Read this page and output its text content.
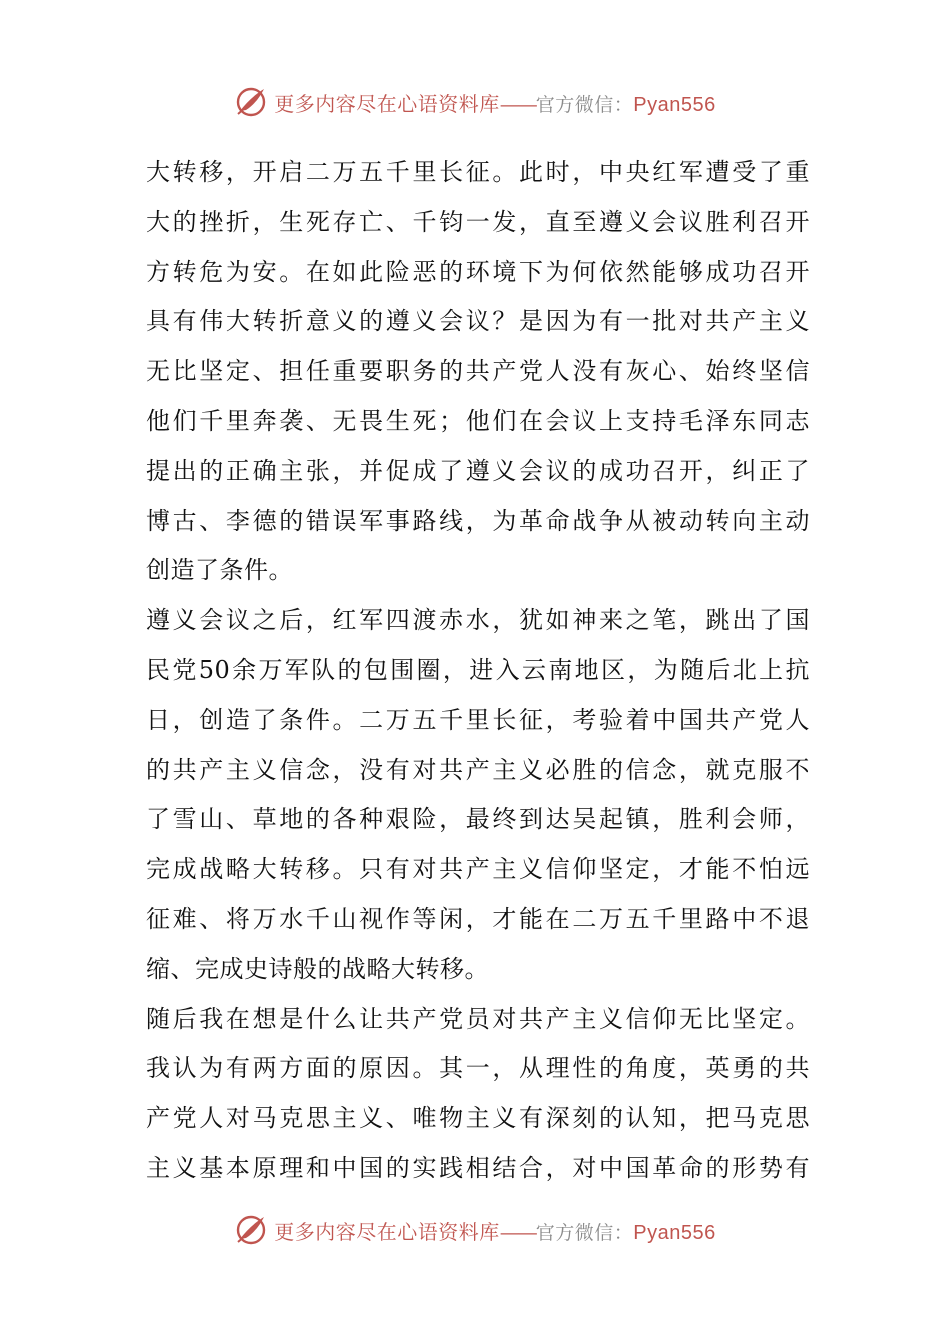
更多内容尽在心语资料库——官方微信：Pyan556
大转移，开启二万五千里长征。此时，中央红军遭受了重
大的挫折，生死存亡、千钧一发，直至遵义会议胜利召开
方转危为安。在如此险恶的环境下为何依然能够成功召开
具有伟大转折意义的遵义会议？是因为有一批对共产主义
无比坚定、担任重要职务的共产党人没有灰心、始终坚信
他们千里奔袭、无畏生死；他们在会议上支持毛泽东同志
提出的正确主张，并促成了遵义会议的成功召开，纠正了
博古、李德的错误军事路线，为革命战争从被动转向主动
创造了条件。
遵义会议之后，红军四渡赤水，犹如神来之笔，跳出了国
民党50余万军队的包围圈，进入云南地区，为随后北上抗
日，创造了条件。二万五千里长征，考验着中国共产党人
的共产主义信念，没有对共产主义必胜的信念，就克服不
了雪山、草地的各种艰险，最终到达吴起镇，胜利会师，
完成战略大转移。只有对共产主义信仰坚定，才能不怕远
征难、将万水千山视作等闲，才能在二万五千里路中不退
缩、完成史诗般的战略大转移。
随后我在想是什么让共产党员对共产主义信仰无比坚定。
我认为有两方面的原因。其一，从理性的角度，英勇的共
产党人对马克思主义、唯物主义有深刻的认知，把马克思
主义基本原理和中国的实践相结合，对中国革命的形势有
更多内容尽在心语资料库——官方微信：Pyan556
